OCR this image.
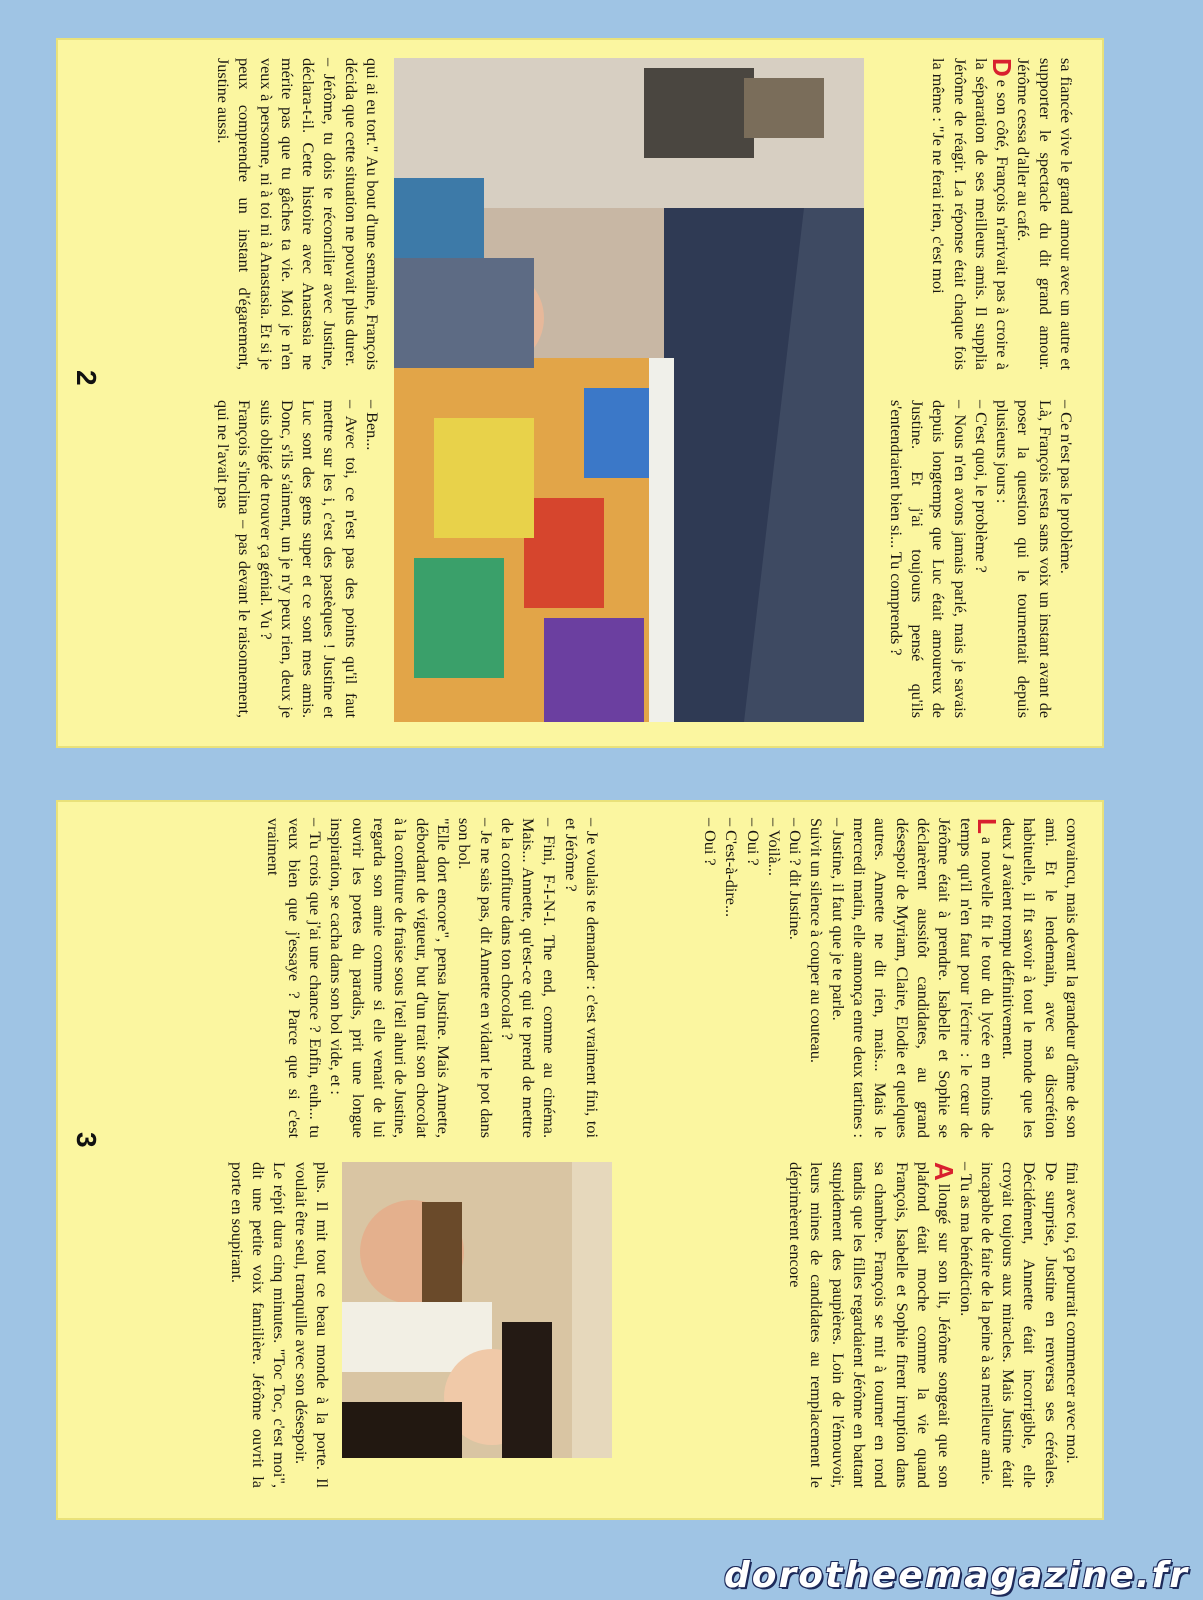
sa fiancée vive le grand amour avec un autre et supporter le spectacle du dit grand amour. Jérôme cessa d'aller au café.

D
e son côté, François n'arrivait pas à croire à la séparation de ses meilleurs amis. Il supplia Jérôme de réagir. La réponse était chaque fois la même : "Je ne ferai rien, c'est moi

– Ce n'est pas le problème.

Là, François resta sans voix un instant avant de poser la question qui le tournentait depuis plusieurs jours :

– C'est quoi, le problème ?

– Nous n'en avons jamais parlé, mais je savais depuis longtemps que Luc était amoureux de Justine. Et j'ai toujours pensé qu'ils s'entendraient bien si... Tu comprends ?

qui ai eu tort." Au bout d'une semaine, François décida que cette situation ne pouvait plus durer.

– Jérôme, tu dois te réconcilier avec Justine, déclara-t-il. Cette histoire avec Anastasia ne mérite pas que tu gâches ta vie. Moi je n'en veux à personne, ni à toi ni à Anastasia. Et si je peux comprendre un instant d'égarement, Justine aussi.

– Ben...

– Avec toi, ce n'est pas des points qu'il faut mettre sur les i, c'est des pastèques ! Justine et Luc sont des gens super et ce sont mes amis. Donc, s'ils s'aiment, un je n'y peux rien, deux je suis obligé de trouver ça génial. Vu ?

François s'inclina – pas devant le raisonnement, qui ne l'avait pas

2

convaincu, mais devant la grandeur d'âme de son ami. Et le lendemain, avec sa discrétion habituelle, il fit savoir à tout le monde que les deux J avaient rompu définitivement.

L
a nouvelle fit le tour du lycée en moins de temps qu'il n'en faut pour l'écrire : le cœur de Jérôme était à prendre. Isabelle et Sophie se déclarèrent aussitôt candidates, au grand désespoir de Myriam, Claire, Elodie et quelques autres. Annette ne dit rien, mais... Mais le mercredi matin, elle annonça entre deux tartines :

– Justine, il faut que je te parle.

Suivit un silence à couper au couteau.

– Oui ? dit Justine.

– Voilà...

– Oui ?

– C'est-à-dire...

– Oui ?

– Je voulais te demander : c'est vraiment fini, toi et Jérôme ?

– Fini, F-I-N-I. The end, comme au cinéma. Mais... Annette, qu'est-ce qui te prend de mettre de la confiture dans ton chocolat ?

– Je ne sais pas, dit Annette en vidant le pot dans son bol.

"Elle dort encore", pensa Justine. Mais Annette, débordant de vigueur, but d'un trait son chocolat à la confiture de fraise sous l'œil ahuri de Justine, regarda son amie comme si elle venait de lui ouvrir les portes du paradis, prit une longue inspiration, se cacha dans son bol vide, et :

– Tu crois que j'ai une chance ? Enfin, euh... tu veux bien que j'essaye ? Parce que si c'est vraiment

fini avec toi, ça pourrait commencer avec moi.

De surprise, Justine en renversa ses céréales. Décidément, Annette était incorrigible, elle croyait toujours aux miracles. Mais Justine était incapable de faire de la peine à sa meilleure amie.

– Tu as ma bénédiction.

A
llongé sur son lit, Jérôme songeait que son plafond était moche comme la vie quand François, Isabelle et Sophie firent irruption dans sa chambre. François se mit à tourner en rond tandis que les filles regardaient Jérôme en battant stupidement des paupières. Loin de l'émouvoir, leurs mines de candidates au remplacement le déprimèrent encore

plus. Il mit tout ce beau monde à la porte. Il voulait être seul, tranquille avec son désespoir.

Le répit dura cinq minutes. "Toc Toc, c'est moi", dit une petite voix familière. Jérôme ouvrit la porte en soupirant.

3
dorotheemagazine.fr
